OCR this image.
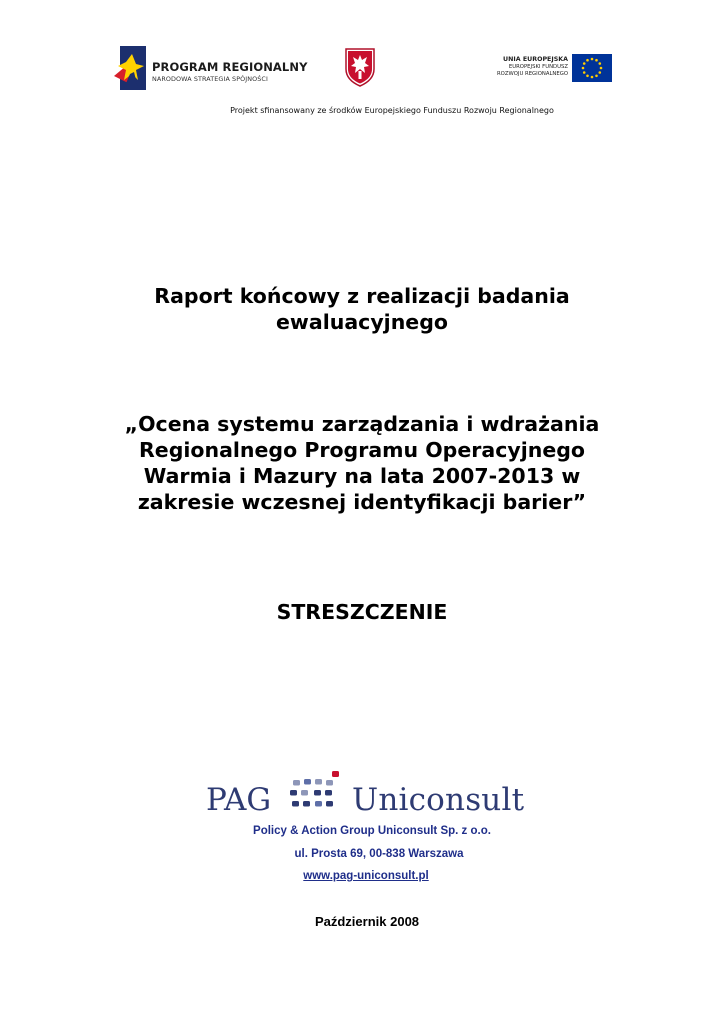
PROGRAM REGIONALNY
NARODOWA STRATEGIA SPÓJNOŚCI
UNIA EUROPEJSKA
EUROPEJSKI FUNDUSZ
ROZWOJU REGIONALNEGO
Projekt sfinansowany ze środków Europejskiego Funduszu Rozwoju Regionalnego
Raport końcowy z realizacji badania
ewaluacyjnego
„Ocena systemu zarządzania i wdrażania
Regionalnego Programu Operacyjnego
Warmia i Mazury na lata 2007-2013 w
zakresie wczesnej identyfikacji barier”
STRESZCZENIE
PAG	Uniconsult
Policy & Action Group Uniconsult Sp. z o.o.
ul. Prosta 69, 00-838 Warszawa
www.pag-uniconsult.pl
Październik 2008
